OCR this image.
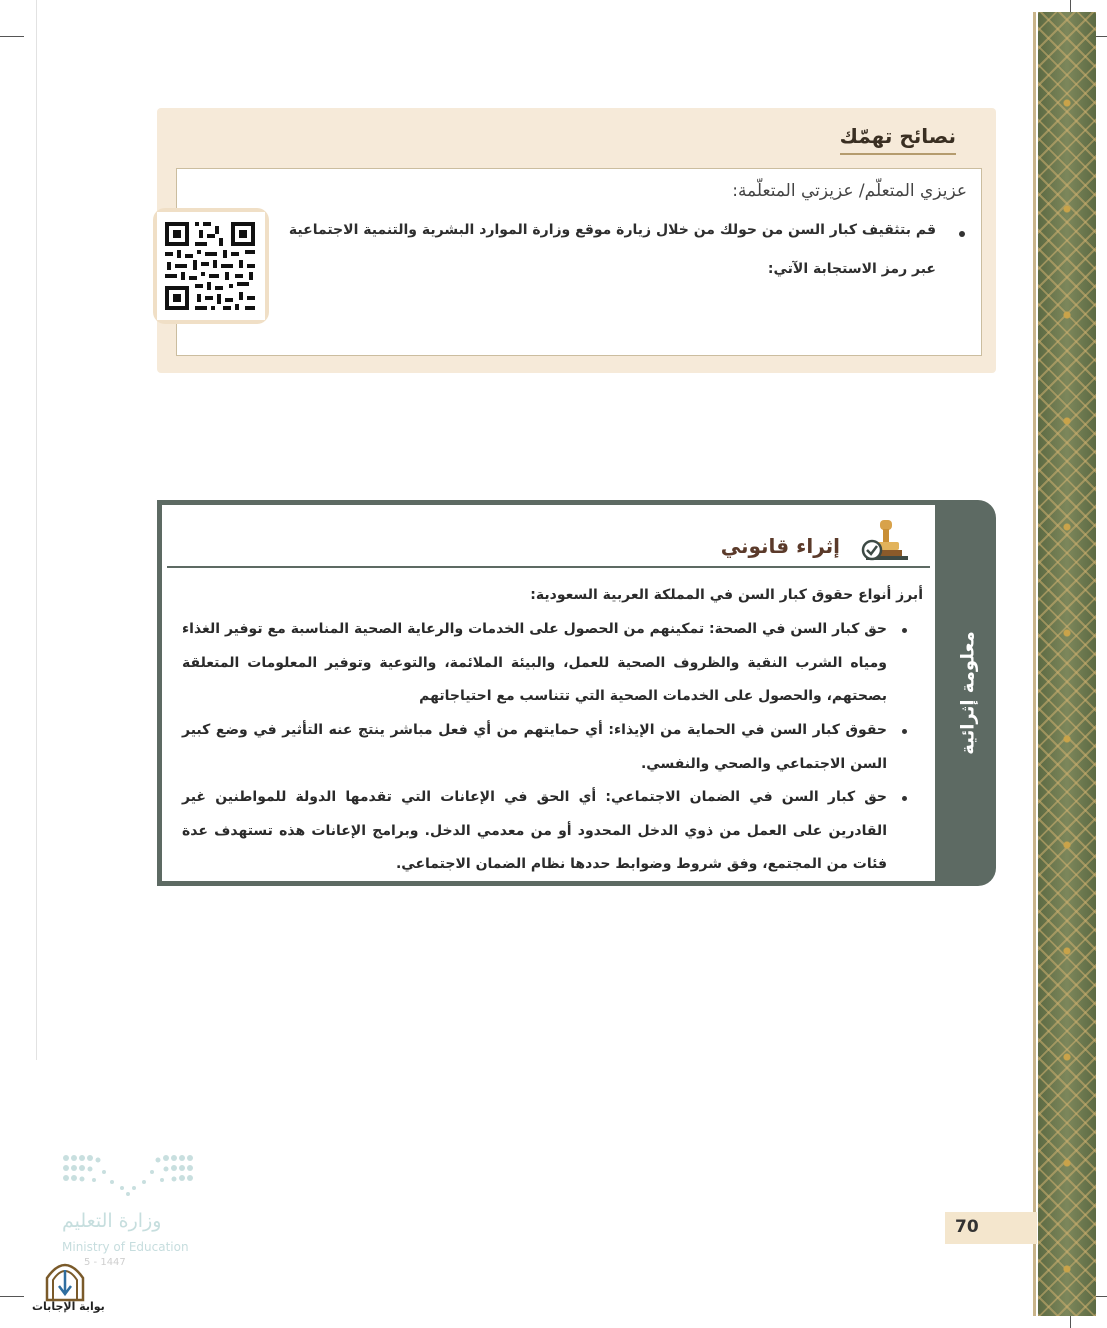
نصائح تهمّك

عزيزي المتعلّم/ عزيزتي المتعلّمة:

قم بتثقيف كبار السن من حولك من خلال زيارة موقع وزارة الموارد البشرية والتنمية الاجتماعية

عبر رمز الاستجابة الآتي:

معلومة إثرائية
إثراء قانوني

أبرز أنواع حقوق كبار السن في المملكة العربية السعودية:

حق كبار السن في الصحة: تمكينهم من الحصول على الخدمات والرعاية الصحية المناسبة مع توفير الغذاء ومياه الشرب النقية والظروف الصحية للعمل، والبيئة الملائمة، والتوعية وتوفير المعلومات المتعلقة بصحتهم، والحصول على الخدمات الصحية التي تتناسب مع احتياجاتهم

حقوق كبار السن في الحماية من الإيذاء: أي حمايتهم من أي فعل مباشر ينتج عنه التأثير في وضع كبير السن الاجتماعي والصحي والنفسي.

حق كبار السن في الضمان الاجتماعي: أي الحق في الإعانات التي تقدمها الدولة للمواطنين غير القادرين على العمل من ذوي الدخل المحدود أو من معدمي الدخل. وبرامج الإعانات هذه تستهدف عدة فئات من المجتمع، وفق شروط وضوابط حددها نظام الضمان الاجتماعي.

70
وزارة التعليم
Ministry of Education
5 - 1447
بوابة الإجابات
